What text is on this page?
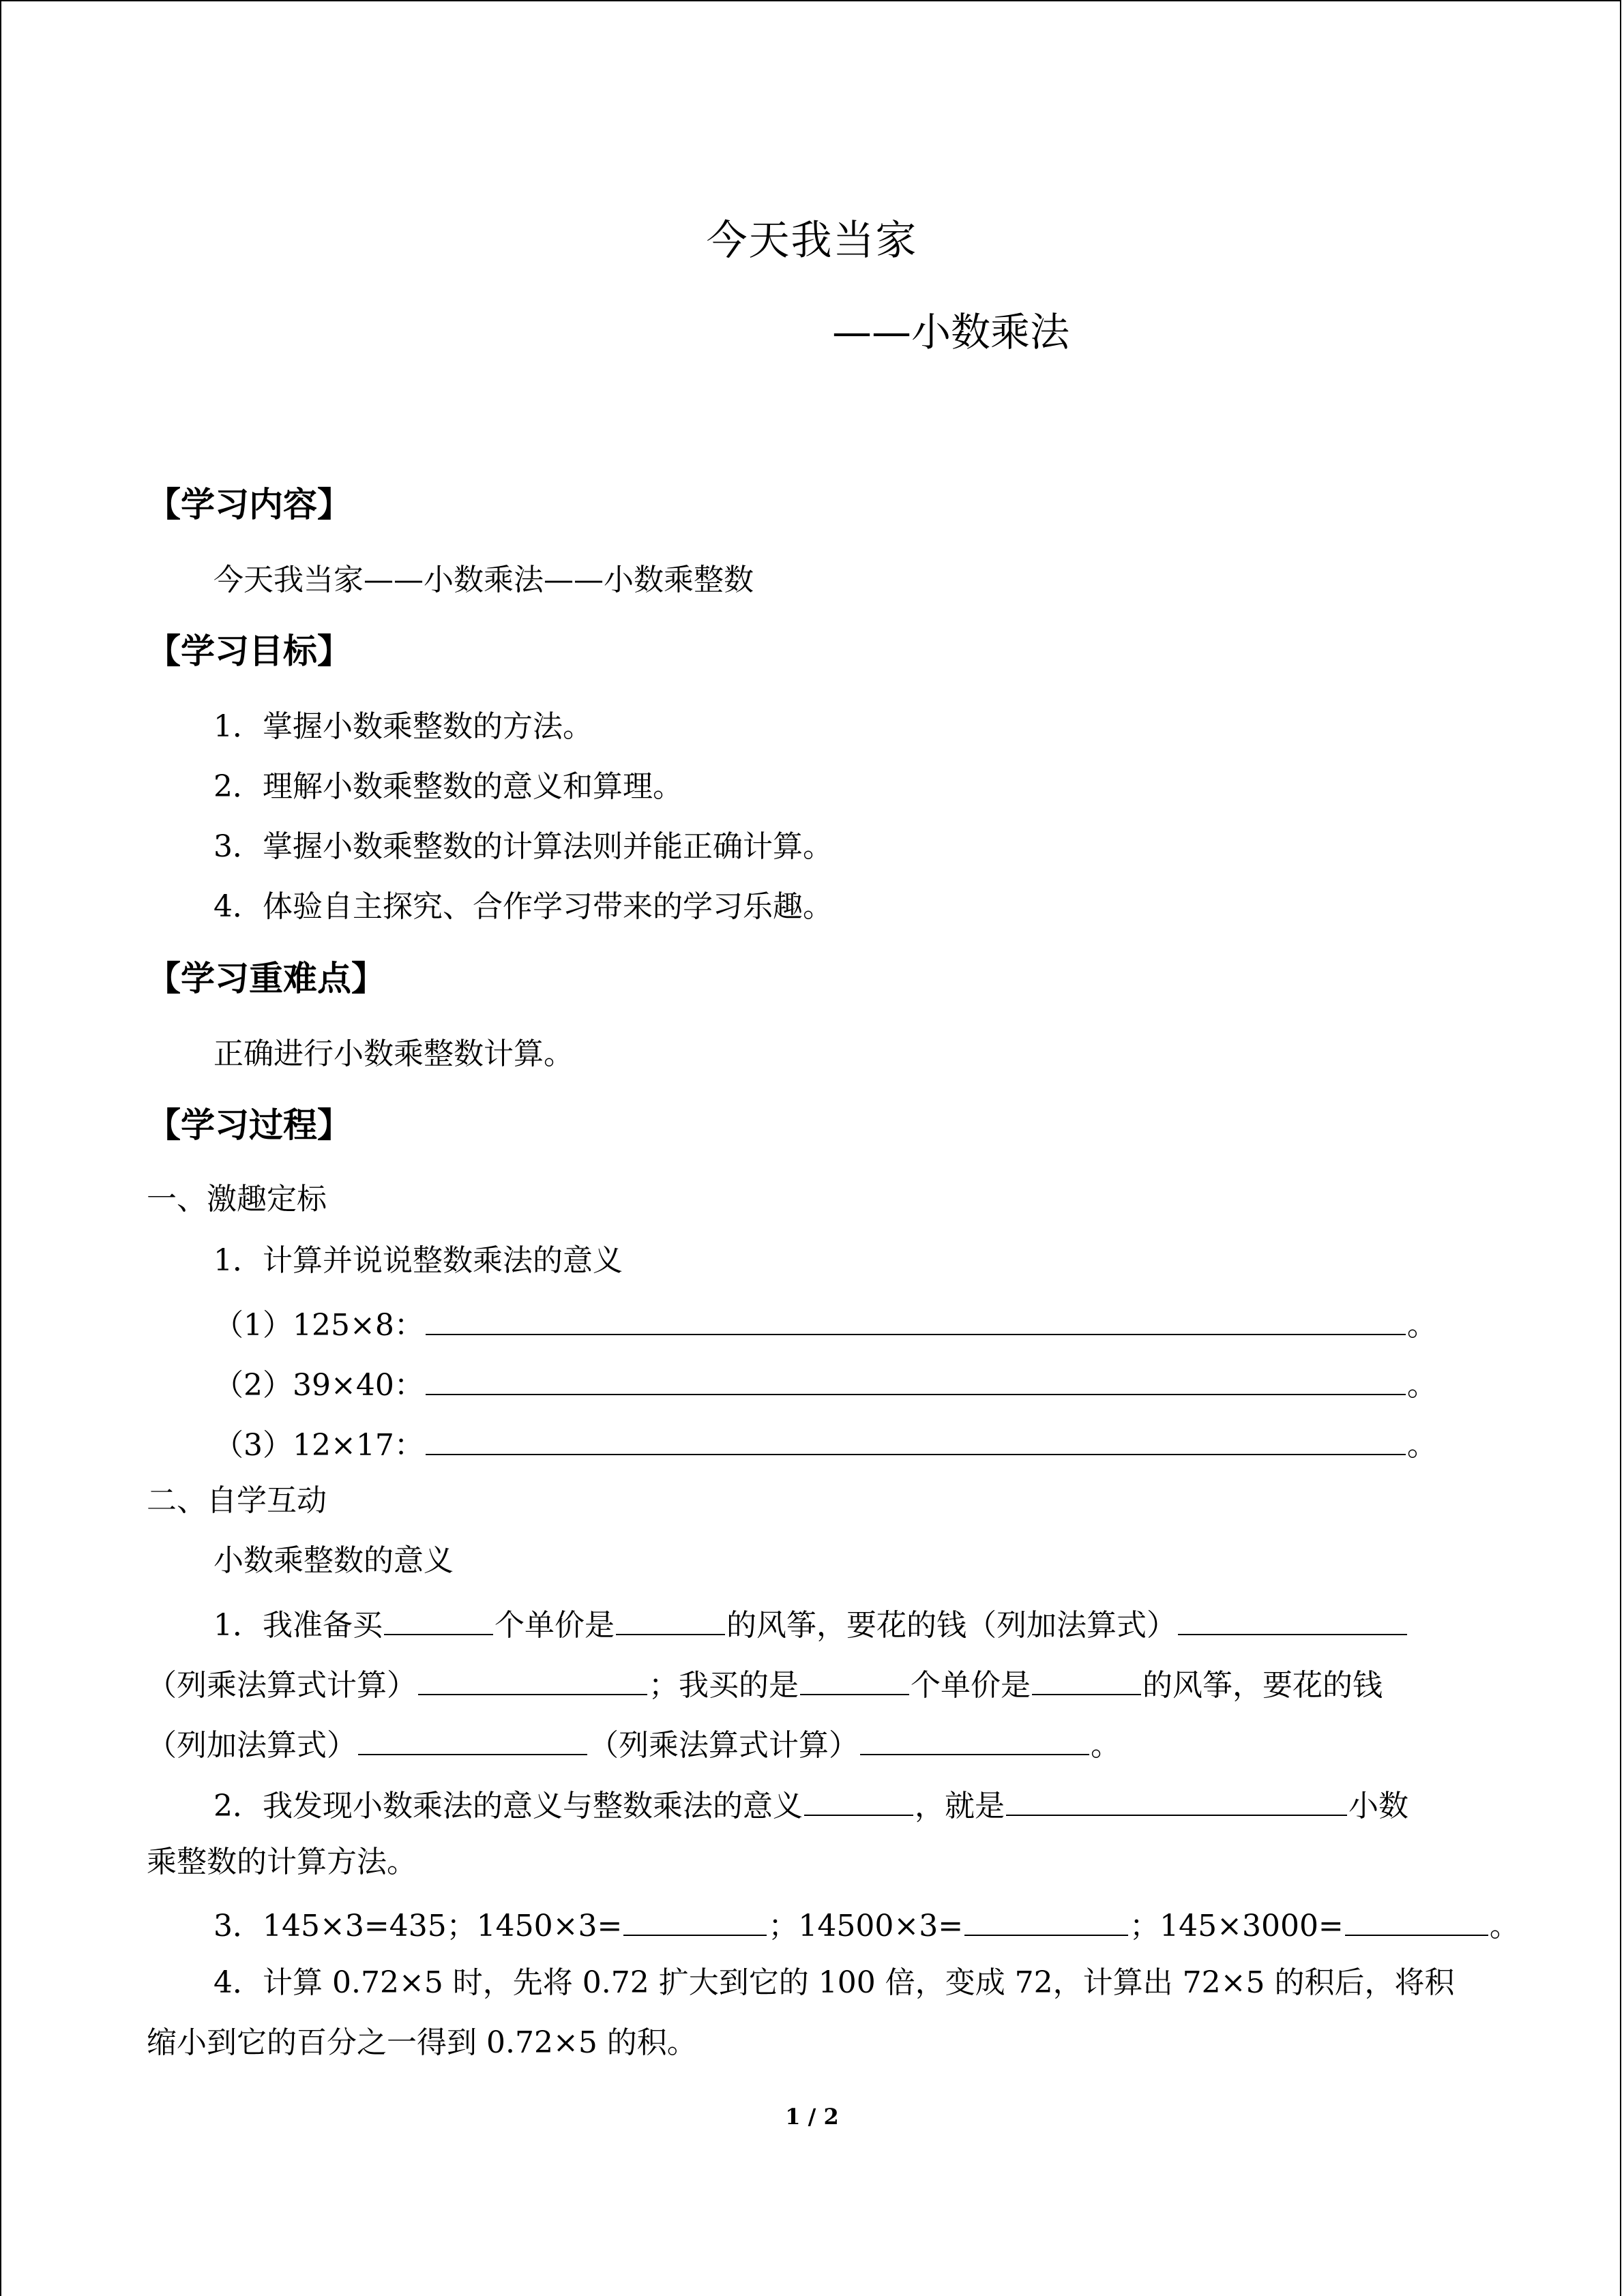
今天我当家
——小数乘法
【学习内容】
今天我当家——小数乘法——小数乘整数
【学习目标】
1．掌握小数乘整数的方法。
2．理解小数乘整数的意义和算理。
3．掌握小数乘整数的计算法则并能正确计算。
4．体验自主探究、合作学习带来的学习乐趣。
【学习重难点】
正确进行小数乘整数计算。
【学习过程】
一、激趣定标
1．计算并说说整数乘法的意义
（1）125×8：	。
（2）39×40：	。
（3）12×17：	。
二、自学互动
小数乘整数的意义
1．我准备买	个单价是	的风筝，要花的钱（列加法算式）
（列乘法算式计算）	；我买的是	个单价是	的风筝，要花的钱
（列加法算式）	（列乘法算式计算）	。
2．我发现小数乘法的意义与整数乘法的意义	，就是	小数
乘整数的计算方法。
3．145×3=435；1450×3=	；14500×3=	；145×3000=	。
4．计算 0.72×5 时，先将 0.72 扩大到它的 100 倍，变成 72，计算出 72×5 的积后，将积
缩小到它的百分之一得到 0.72×5 的积。
1 / 2
